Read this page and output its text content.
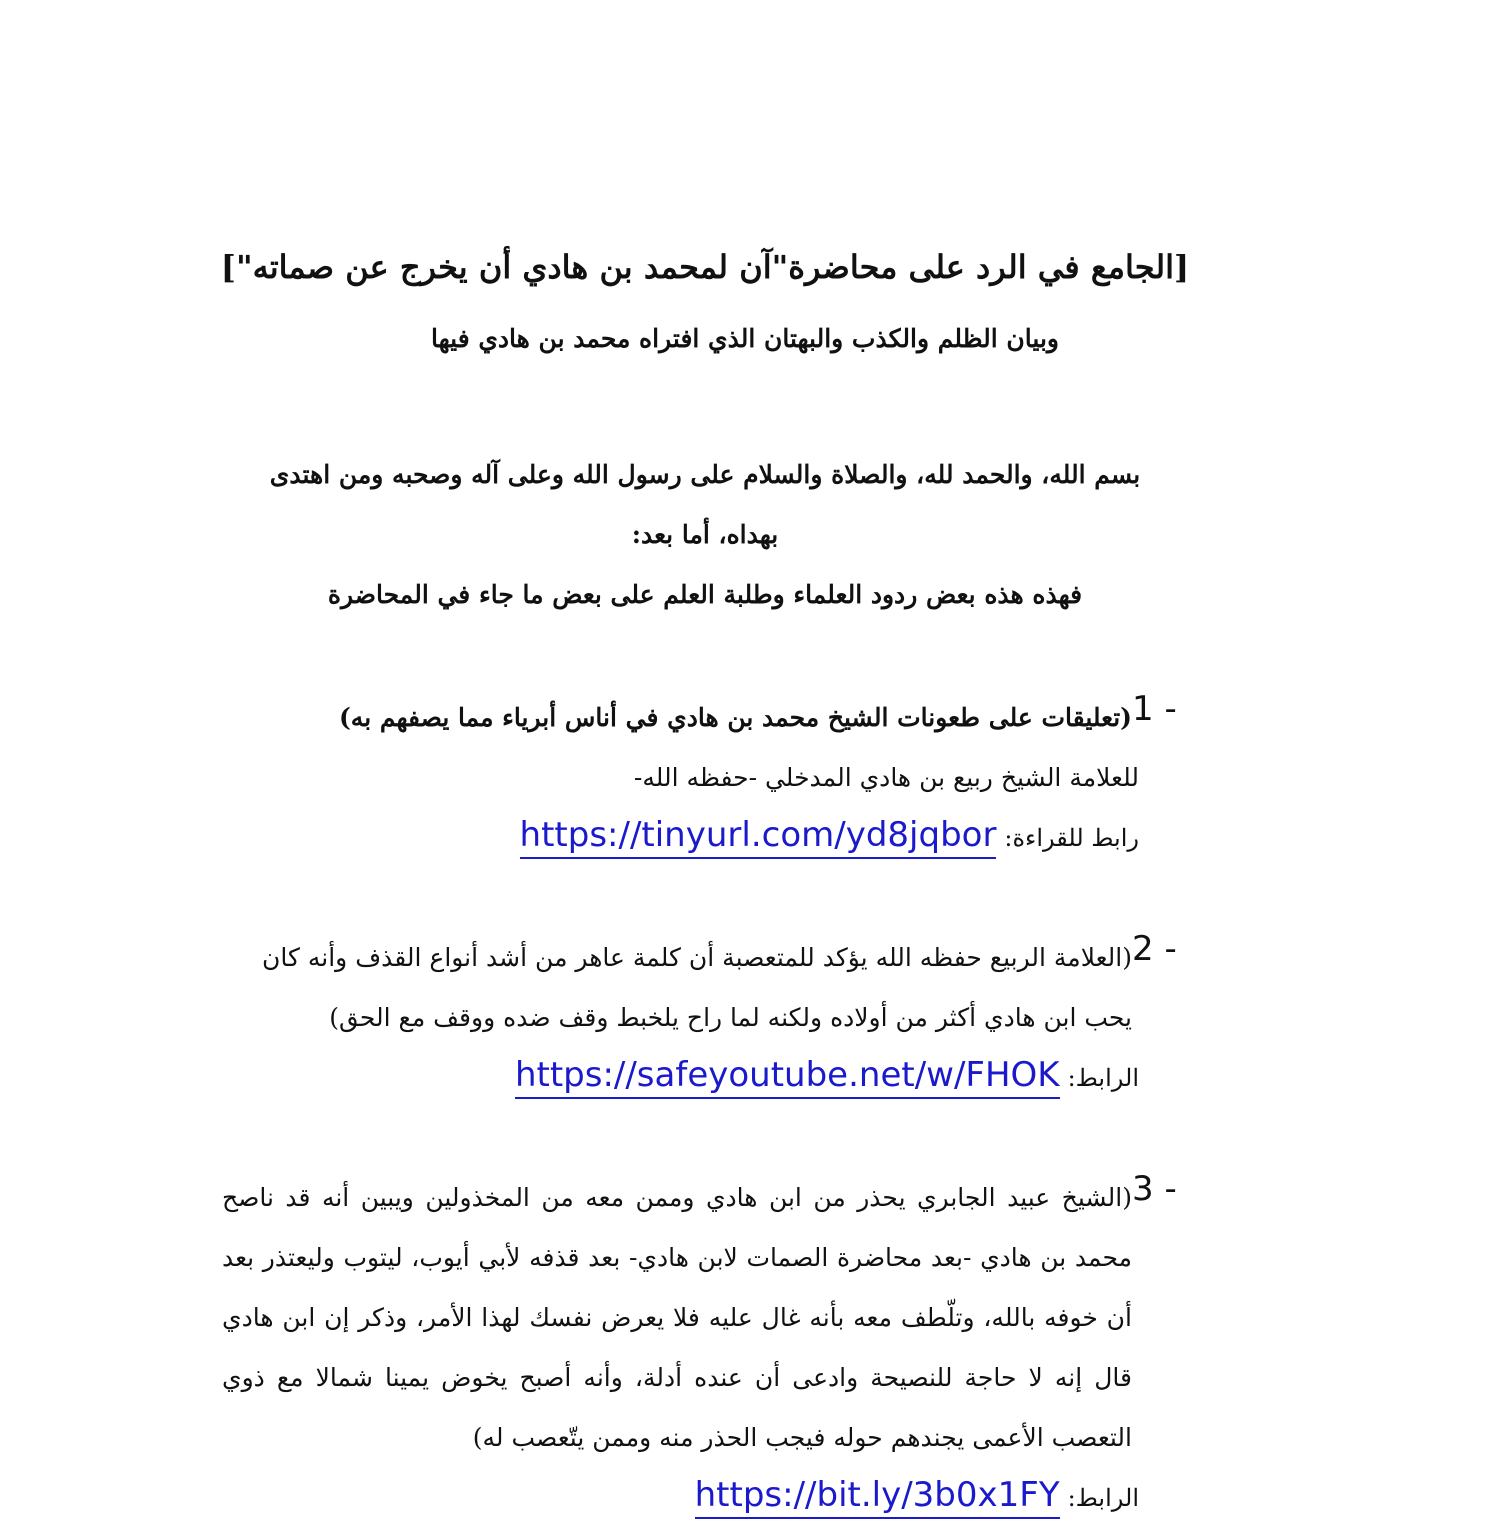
[الجامع في الرد على محاضرة"آن لمحمد بن هادي أن يخرج عن صماته"]
وبيان الظلم والكذب والبهتان الذي افتراه محمد بن هادي فيها

بسم الله، والحمد لله، والصلاة والسلام على رسول الله وعلى آله وصحبه ومن اهتدى

بهداه، أما بعد:

فهذه هذه بعض ردود العلماء وطلبة العلم على بعض ما جاء في المحاضرة

1 -
(تعليقات على طعونات الشيخ محمد بن هادي في أناس أبرياء مما يصفهم به)
للعلامة الشيخ ربيع بن هادي المدخلي -حفظه الله-
رابط للقراءة: https://tinyurl.com/yd8jqbor
2 -
(العلامة الربيع حفظه الله يؤكد للمتعصبة أن كلمة عاهر من أشد أنواع القذف وأنه كان يحب ابن هادي أكثر من أولاده ولكنه لما راح يلخبط وقف ضده ووقف مع الحق)
الرابط: https://safeyoutube.net/w/FHOK
3 -
(الشيخ عبيد الجابري يحذر من ابن هادي وممن معه من المخذولين ويبين أنه قد ناصح محمد بن هادي -بعد محاضرة الصمات لابن هادي- بعد قذفه لأبي أيوب، ليتوب وليعتذر بعد أن خوفه بالله، وتلّطف معه بأنه غال عليه فلا يعرض نفسك لهذا الأمر، وذكر إن ابن هادي قال إنه لا حاجة للنصيحة وادعى أن عنده أدلة، وأنه أصبح يخوض يمينا شمالا مع ذوي التعصب الأعمى يجندهم حوله فيجب الحذر منه وممن يتّعصب له)
الرابط: https://bit.ly/3b0x1FY
